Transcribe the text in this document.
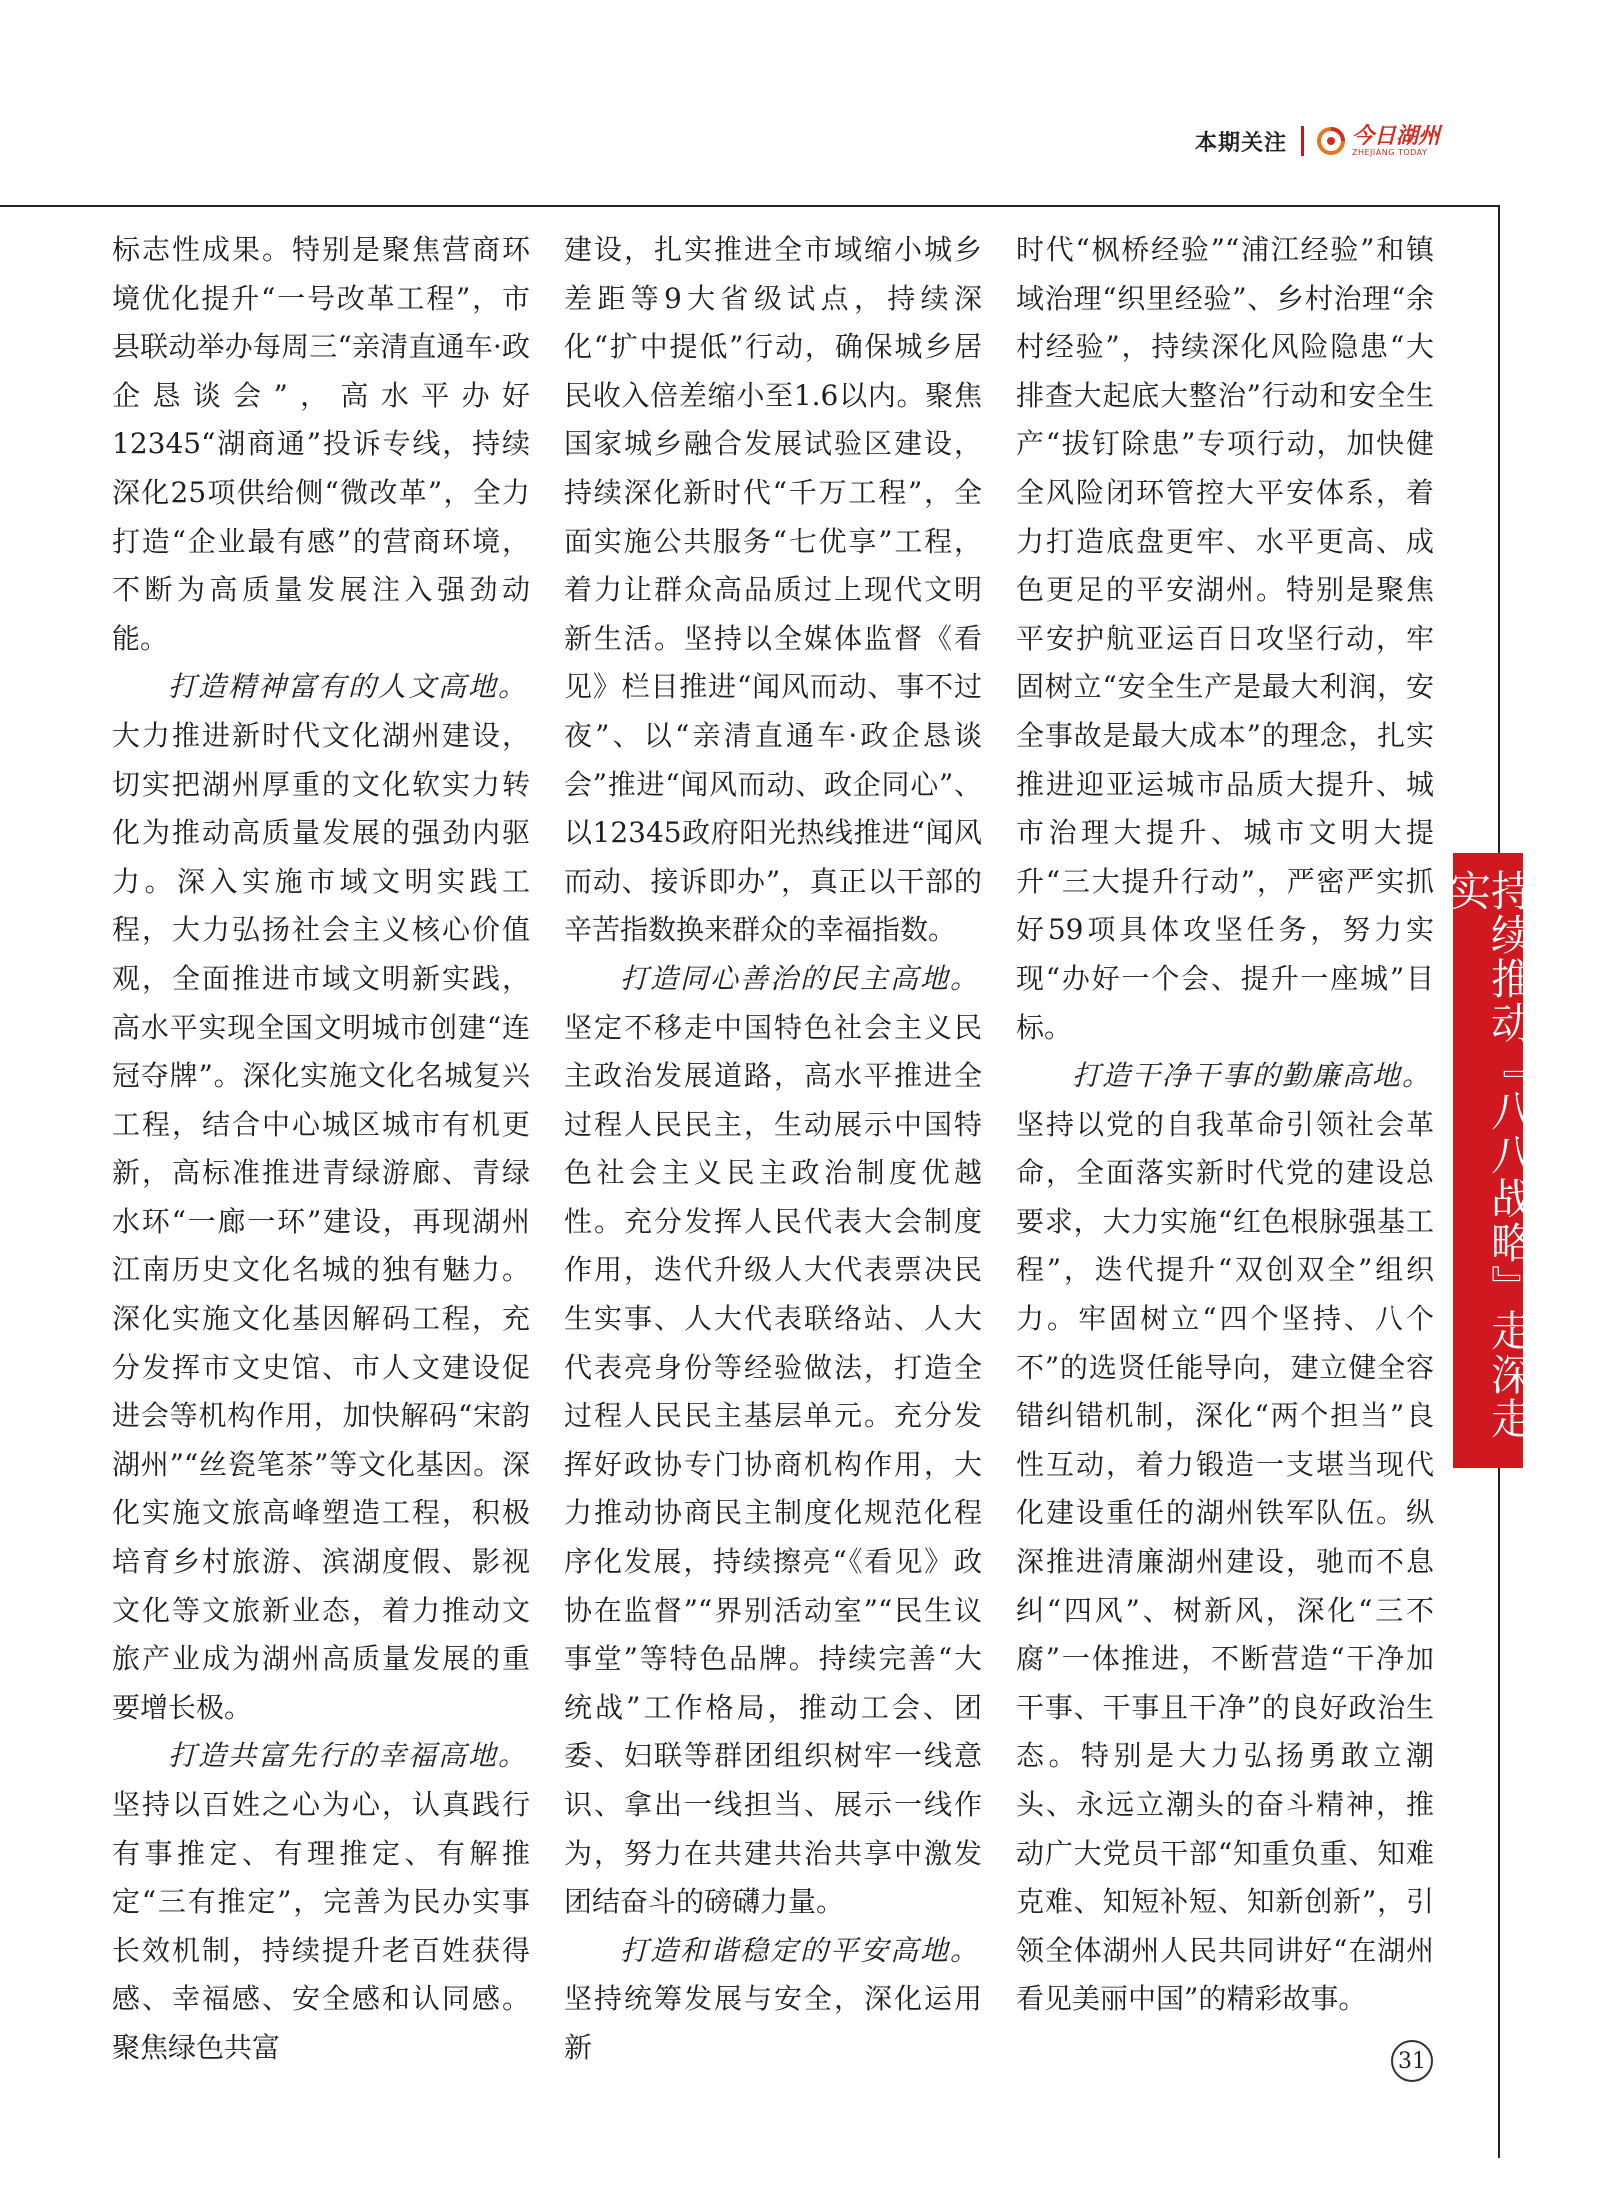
本期关注	今日湖州
ZHEJIANG TODAY

标志性成果。特别是聚焦营商环境优化提升“一号改革工程”，市县联动举办每周三“亲清直通车·政企恳谈会”，高水平办好12345“湖商通”投诉专线，持续深化25项供给侧“微改革”，全力打造“企业最有感”的营商环境，不断为高质量发展注入强劲动能。

打造精神富有的人文高地。

大力推进新时代文化湖州建设，切实把湖州厚重的文化软实力转化为推动高质量发展的强劲内驱力。深入实施市域文明实践工程，大力弘扬社会主义核心价值观，全面推进市域文明新实践，高水平实现全国文明城市创建“连冠夺牌”。深化实施文化名城复兴工程，结合中心城区城市有机更新，高标准推进青绿游廊、青绿水环“一廊一环”建设，再现湖州江南历史文化名城的独有魅力。深化实施文化基因解码工程，充分发挥市文史馆、市人文建设促进会等机构作用，加快解码“宋韵湖州”“丝瓷笔茶”等文化基因。深化实施文旅高峰塑造工程，积极培育乡村旅游、滨湖度假、影视文化等文旅新业态，着力推动文旅产业成为湖州高质量发展的重要增长极。

打造共富先行的幸福高地。

坚持以百姓之心为心，认真践行有事推定、有理推定、有解推定“三有推定”，完善为民办实事长效机制，持续提升老百姓获得感、幸福感、安全感和认同感。聚焦绿色共富

建设，扎实推进全市域缩小城乡差距等9大省级试点，持续深化“扩中提低”行动，确保城乡居民收入倍差缩小至1.6以内。聚焦国家城乡融合发展试验区建设，持续深化新时代“千万工程”，全面实施公共服务“七优享”工程，着力让群众高品质过上现代文明新生活。坚持以全媒体监督《看见》栏目推进“闻风而动、事不过夜”、以“亲清直通车·政企恳谈会”推进“闻风而动、政企同心”、以12345政府阳光热线推进“闻风而动、接诉即办”，真正以干部的辛苦指数换来群众的幸福指数。

打造同心善治的民主高地。

坚定不移走中国特色社会主义民主政治发展道路，高水平推进全过程人民民主，生动展示中国特色社会主义民主政治制度优越性。充分发挥人民代表大会制度作用，迭代升级人大代表票决民生实事、人大代表联络站、人大代表亮身份等经验做法，打造全过程人民民主基层单元。充分发挥好政协专门协商机构作用，大力推动协商民主制度化规范化程序化发展，持续擦亮“《看见》政协在监督”“界别活动室”“民生议事堂”等特色品牌。持续完善“大统战”工作格局，推动工会、团委、妇联等群团组织树牢一线意识、拿出一线担当、展示一线作为，努力在共建共治共享中激发团结奋斗的磅礴力量。

打造和谐稳定的平安高地。

坚持统筹发展与安全，深化运用新

时代“枫桥经验”“浦江经验”和镇域治理“织里经验”、乡村治理“余村经验”，持续深化风险隐患“大排查大起底大整治”行动和安全生产“拔钉除患”专项行动，加快健全风险闭环管控大平安体系，着力打造底盘更牢、水平更高、成色更足的平安湖州。特别是聚焦平安护航亚运百日攻坚行动，牢固树立“安全生产是最大利润，安全事故是最大成本”的理念，扎实推进迎亚运城市品质大提升、城市治理大提升、城市文明大提升“三大提升行动”，严密严实抓好59项具体攻坚任务，努力实现“办好一个会、提升一座城”目标。

打造干净干事的勤廉高地。

坚持以党的自我革命引领社会革命，全面落实新时代党的建设总要求，大力实施“红色根脉强基工程”，迭代提升“双创双全”组织力。牢固树立“四个坚持、八个不”的选贤任能导向，建立健全容错纠错机制，深化“两个担当”良性互动，着力锻造一支堪当现代化建设重任的湖州铁军队伍。纵深推进清廉湖州建设，驰而不息纠“四风”、树新风，深化“三不腐”一体推进，不断营造“干净加干事、干事且干净”的良好政治生态。特别是大力弘扬勇敢立潮头、永远立潮头的奋斗精神，推动广大党员干部“知重负重、知难克难、知短补短、知新创新”，引领全体湖州人民共同讲好“在湖州看见美丽中国”的精彩故事。

持续推动『八八战略』走深走实
31
